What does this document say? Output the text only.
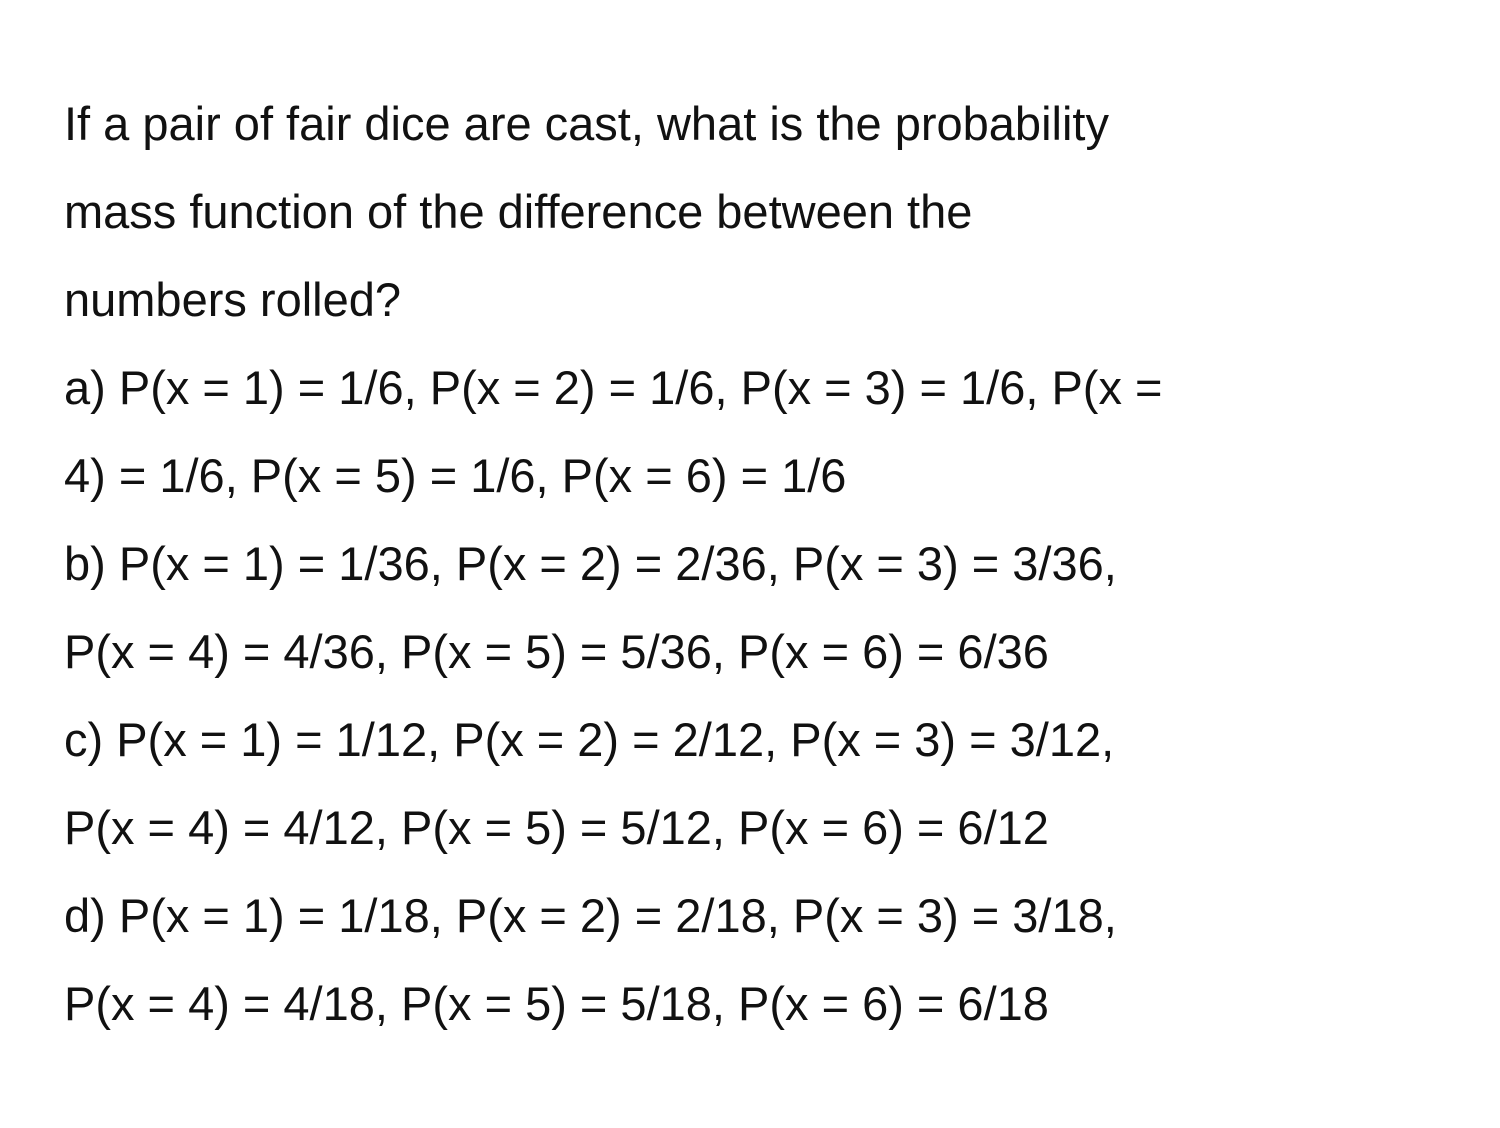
If a pair of fair dice are cast, what is the probability
mass function of the difference between the
numbers rolled?

a) P(x = 1) = 1/6, P(x = 2) = 1/6, P(x = 3) = 1/6, P(x =
4) = 1/6, P(x = 5) = 1/6, P(x = 6) = 1/6

b) P(x = 1) = 1/36, P(x = 2) = 2/36, P(x = 3) = 3/36,
P(x = 4) = 4/36, P(x = 5) = 5/36, P(x = 6) = 6/36

c) P(x = 1) = 1/12, P(x = 2) = 2/12, P(x = 3) = 3/12,
P(x = 4) = 4/12, P(x = 5) = 5/12, P(x = 6) = 6/12

d) P(x = 1) = 1/18, P(x = 2) = 2/18, P(x = 3) = 3/18,
P(x = 4) = 4/18, P(x = 5) = 5/18, P(x = 6) = 6/18
